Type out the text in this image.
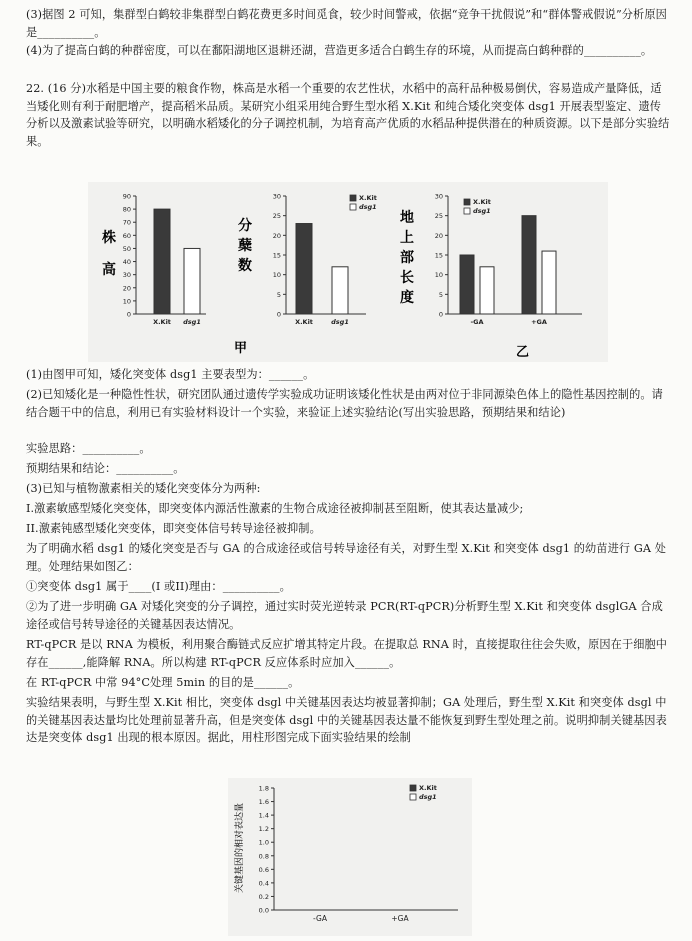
(3)据图 2 可知，集群型白鹤较非集群型白鹤花费更多时间觅食，较少时间警戒，依据“竞争干扰假说”和“群体警戒假说”分析原因是__________。
(4)为了提高白鹤的种群密度，可以在鄱阳湖地区退耕还湖，营造更多适合白鹤生存的环境，从而提高白鹤种群的__________。
22. (16 分)水稻是中国主要的粮食作物，株高是水稻一个重要的农艺性状，水稻中的高秆品种极易倒伏，容易造成产量降低，适当矮化则有利于耐肥增产，提高稻米品质。某研究小组采用纯合野生型水稻 X.Kit 和纯合矮化突变体 dsg1 开展表型鉴定、遗传分析以及激素试验等研究，以明确水稻矮化的分子调控机制，为培育高产优质的水稻品种提供潜在的种质资源。以下是部分实验结果。
株
高
0
10
20
30
40
50
60
70
80
90
X.Kit dsg1
分
蘖
数
0
5
10
15
20
25
30
X.Kit	dsg1
X.Kit
dsg1
地
上
部
长
度
0
5
10
15
20
25
30
-GA	+GA
X.Kit
dsg1
甲	乙
(1)由图甲可知，矮化突变体 dsg1 主要表型为：______。
(2)已知矮化是一种隐性性状，研究团队通过遗传学实验成功证明该矮化性状是由两对位于非同源染色体上的隐性基因控制的。请结合题干中的信息，利用已有实验材料设计一个实验，来验证上述实验结论(写出实验思路，预期结果和结论)
实验思路：__________。
预期结果和结论：__________。
(3)已知与植物激素相关的矮化突变体分为两种:
I.激素敏感型矮化突变体，即突变体内源活性激素的生物合成途径被抑制甚至阻断，使其表达量减少;
II.激素钝感型矮化突变体，即突变体信号转导途径被抑制。
为了明确水稻 dsg1 的矮化突变是否与 GA 的合成途径或信号转导途径有关，对野生型 X.Kit 和突变体 dsg1 的幼苗进行 GA 处理。处理结果如图乙：
①突变体 dsg1 属于____(I 或II)理由：__________。
②为了进一步明确 GA 对矮化突变的分子调控，通过实时荧光逆转录 PCR(RT-qPCR)分析野生型 X.Kit 和突变体 dsglGA 合成途径或信号转导途径的关键基因表达情况。
RT-qPCR 是以 RNA 为模板，利用聚合酶链式反应扩增其特定片段。在提取总 RNA 时，直接提取往往会失败，原因在于细胞中存在______,能降解 RNA。所以构建 RT-qPCR 反应体系时应加入______。
在 RT-qPCR 中常 94°C处理 5min 的目的是______。
实验结果表明，与野生型 X.Kit 相比，突变体 dsgl 中关键基因表达均被显著抑制；GA 处理后，野生型 X.Kit 和突变体 dsgl 中的关键基因表达量均比处理前显著升高，但是突变体 dsgl 中的关键基因表达量不能恢复到野生型处理之前。说明抑制关键基因表达是突变体 dsg1 出现的根本原因。据此，用柱形图完成下面实验结果的绘制
关键基因的相对表达量
0.0
0.2
0.4
0.6
0.8
1.0
1.2
1.4
1.6
1.8
-GA	+GA
X.Kit
dsg1
